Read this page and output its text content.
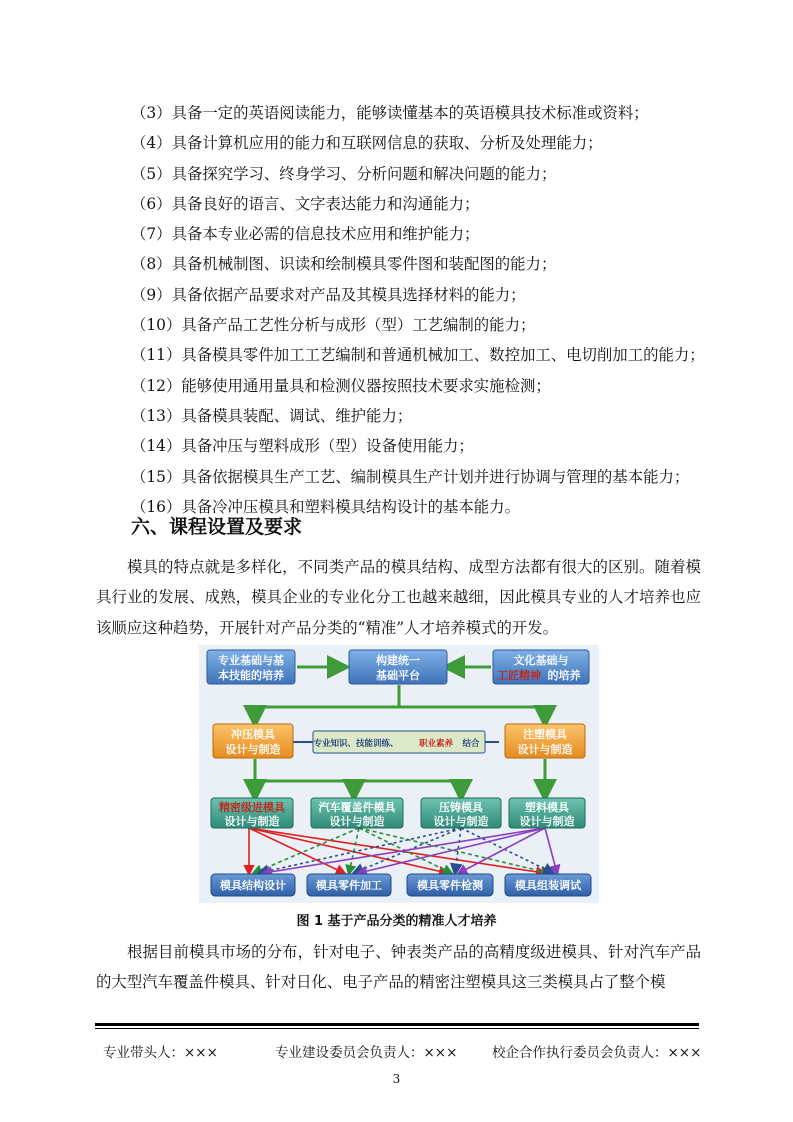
（3）具备一定的英语阅读能力，能够读懂基本的英语模具技术标准或资料；
（4）具备计算机应用的能力和互联网信息的获取、分析及处理能力；
（5）具备探究学习、终身学习、分析问题和解决问题的能力；
（6）具备良好的语言、文字表达能力和沟通能力；
（7）具备本专业必需的信息技术应用和维护能力；
（8）具备机械制图、识读和绘制模具零件图和装配图的能力；
（9）具备依据产品要求对产品及其模具选择材料的能力；
（10）具备产品工艺性分析与成形（型）工艺编制的能力；
（11）具备模具零件加工工艺编制和普通机械加工、数控加工、电切削加工的能力；
（12）能够使用通用量具和检测仪器按照技术要求实施检测；
（13）具备模具装配、调试、维护能力；
（14）具备冲压与塑料成形（型）设备使用能力；
（15）具备依据模具生产工艺、编制模具生产计划并进行协调与管理的基本能力；
（16）具备冷冲压模具和塑料模具结构设计的基本能力。
六、课程设置及要求
模具的特点就是多样化，不同类产品的模具结构、成型方法都有很大的区别。随着模具行业的发展、成熟，模具企业的专业化分工也越来越细，因此模具专业的人才培养也应该顺应这种趋势，开展针对产品分类的“精准”人才培养模式的开发。
专业基础与基
本技能的培养
构建统一
基础平台
文化基础与
工匠精神 的培养
冲压模具
设计与制造	专业知识、技能训练、 职业素养 结合
注塑模具
设计与制造
精密级进模具
设计与制造
汽车覆盖件模具
设计与制造
压铸模具
设计与制造
塑料模具
设计与制造
模具结构设计	模具零件加工	模具零件检测	模具组装调试
图 1 基于产品分类的精准人才培养
根据目前模具市场的分布，针对电子、钟表类产品的高精度级进模具、针对汽车产品的大型汽车覆盖件模具、针对日化、电子产品的精密注塑模具这三类模具占了整个模
专业带头人：×××	专业建设委员会负责人：×××	校企合作执行委员会负责人：×××
3
